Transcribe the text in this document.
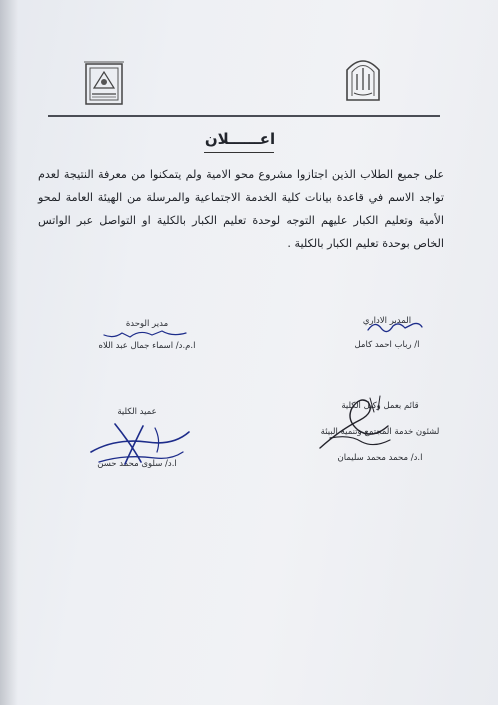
اعــــــلان
على جميع الطلاب الذين اجتازوا مشروع محو الامية ولم يتمكنوا من معرفة النتيجة لعدم تواجد الاسم في قاعدة بيانات كلية الخدمة الاجتماعية والمرسلة من الهيئة العامة لمحو الأمية وتعليم الكبار عليهم التوجه لوحدة تعليم الكبار بالكلية او التواصل عبر الواتس الخاص بوحدة تعليم الكبار بالكلية .
المدير الاداري
ا/ رباب احمد كامل
مدير الوحدة
ا.م.د/ اسماء جمال عبد اللاه
قائم بعمل وكيل الكلية
لشئون خدمة المجتمع وتنمية البيئة
ا.د/ محمد محمد سليمان
عميد الكلية
ا.د/ سلوى محمد حسن
